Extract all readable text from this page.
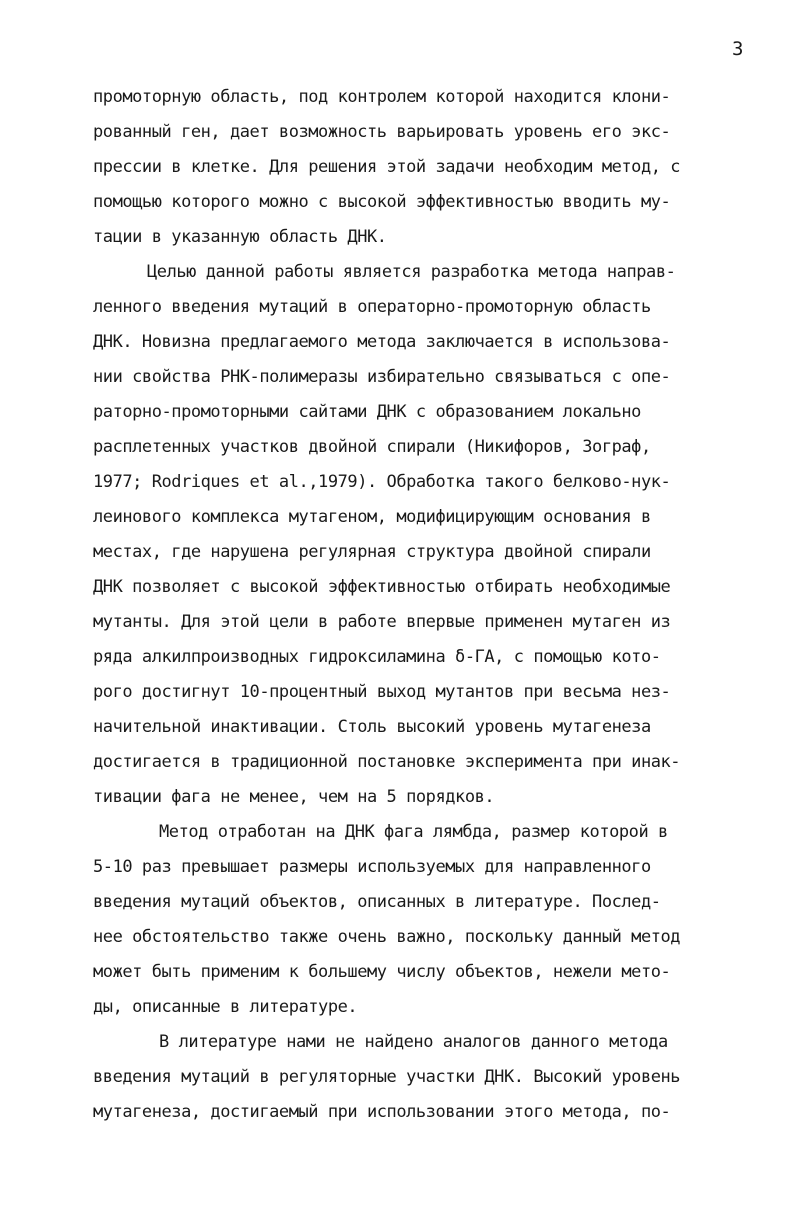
3
промоторную область, под контролем которой находится клони-
рованный ген, дает возможность варьировать уровень его экс-
прессии в клетке. Для решения этой задачи необходим метод, с
помощью которого можно с высокой эффективностью вводить му-
тации в указанную область ДНК.
Целью данной работы является разработка метода направ-
ленного введения мутаций в операторно-промоторную область
ДНК. Новизна предлагаемого метода заключается в использова-
нии свойства РНК-полимеразы избирательно связываться с опе-
раторно-промоторными сайтами ДНК с образованием локально
расплетенных участков двойной спирали (Никифоров, Зограф,
1977; Rodriques et al.,1979). Обработка такого белково-нук-
леинового комплекса мутагеном, модифицирующим основания в
местах, где нарушена регулярная структура двойной спирали
ДНК позволяет с высокой эффективностью отбирать необходимые
мутанты. Для этой цели в работе впервые применен мутаген из
ряда алкилпроизводных гидроксиламина δ-ГА, с помощью кото-
рого достигнут 10-процентный выход мутантов при весьма нез-
начительной инактивации. Столь высокий уровень мутагенеза
достигается в традиционной постановке эксперимента при инак-
тивации фага не менее, чем на 5 порядков.
Метод отработан на ДНК фага лямбда, размер которой в
5-10 раз превышает размеры используемых для направленного
введения мутаций объектов, описанных в литературе. Послед-
нее обстоятельство также очень важно, поскольку данный метод
может быть применим к большему числу объектов, нежели мето-
ды, описанные в литературе.
В литературе нами не найдено аналогов данного метода
введения мутаций в регуляторные участки ДНК. Высокий уровень
мутагенеза, достигаемый при использовании этого метода, по-
